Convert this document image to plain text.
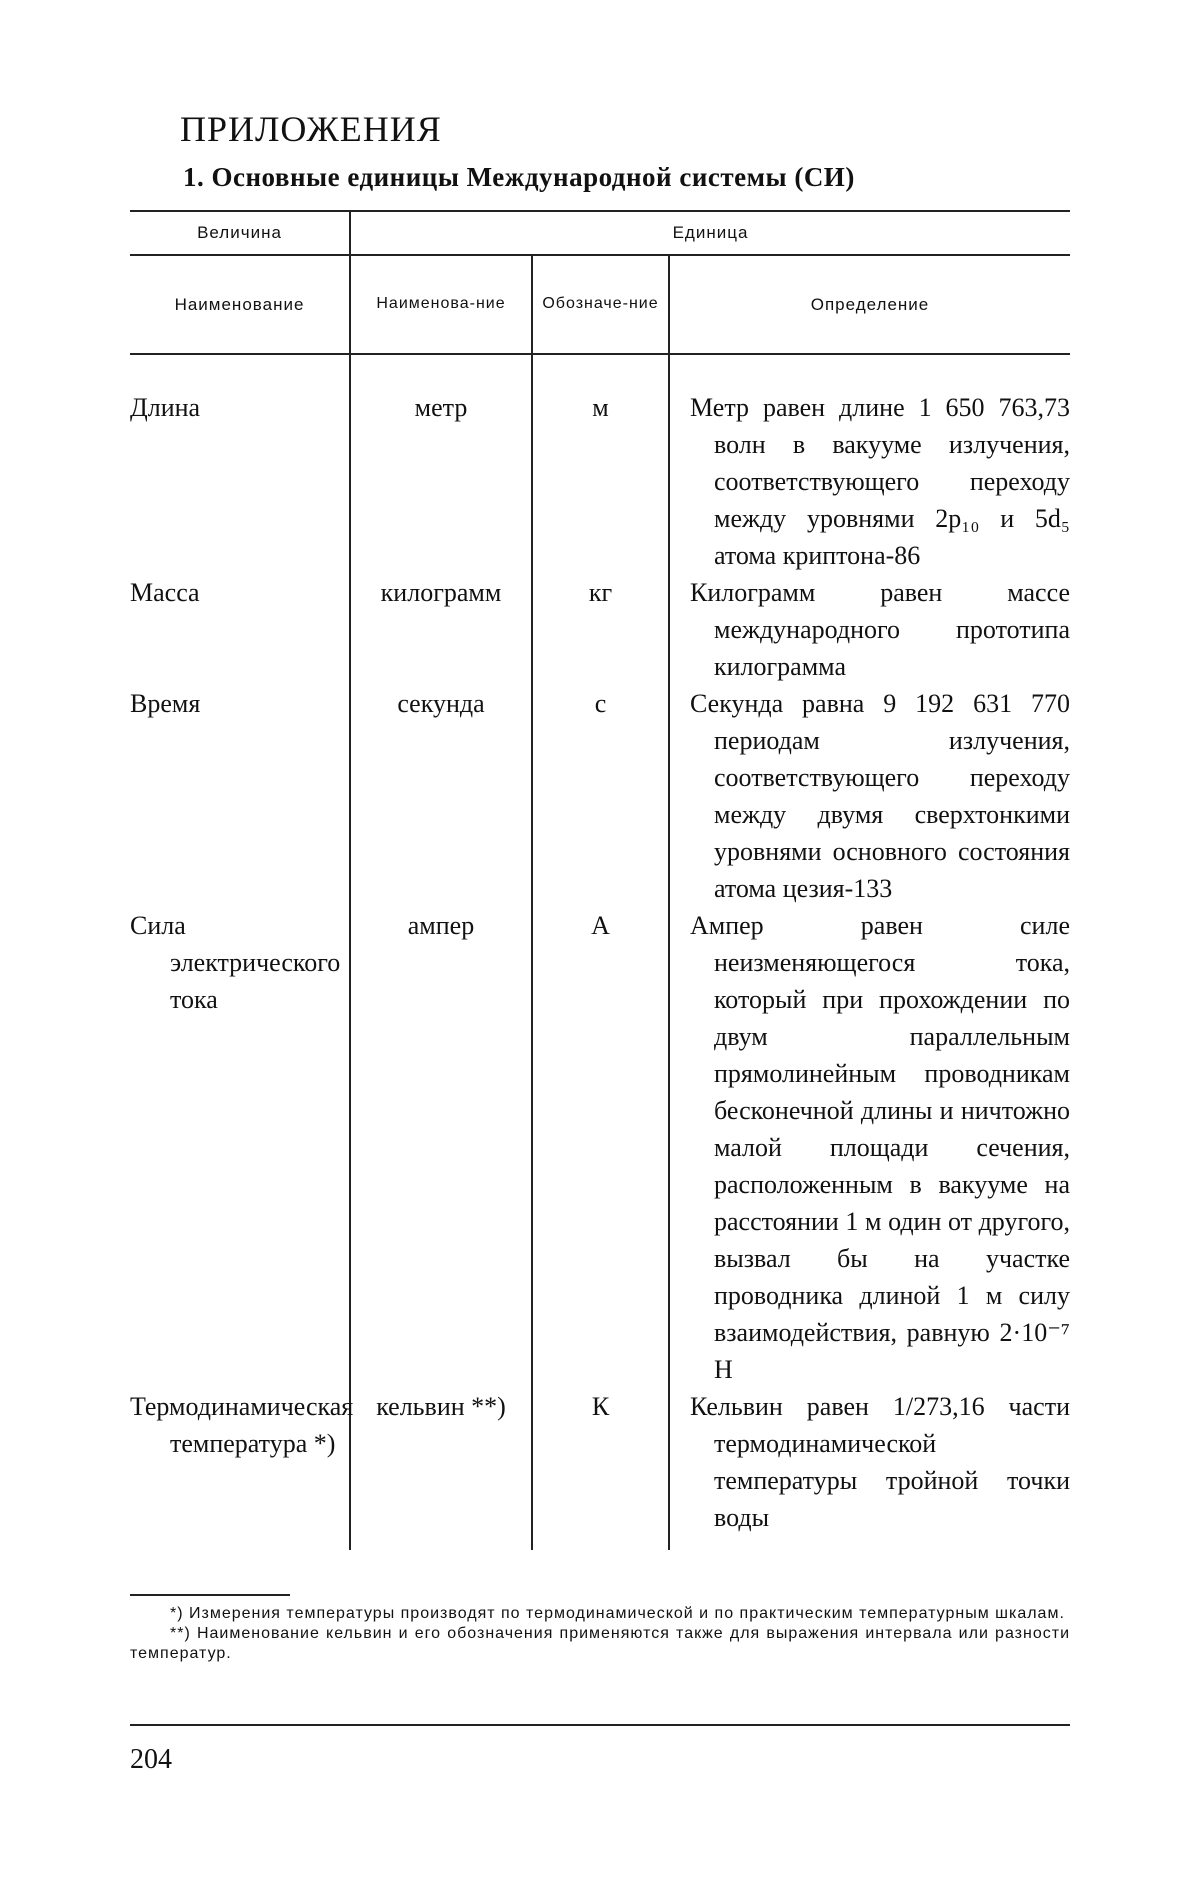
ПРИЛОЖЕНИЯ
1. Основные единицы Международной системы (СИ)
Величина	Единица		
Наименование	Наименова-ние	Обозначе-ние	Определение

Длина	метр	м	Метр равен длине 1 650 763,73 волн в вакууме излучения, соответствующего переходу между уровнями 2p₁₀ и 5d₅ атома криптона-86

Масса	килограмм	кг	Килограмм равен массе международного прототипа килограмма

Время	секунда	с	Секунда равна 9 192 631 770 периодам излучения, соответствующего переходу между двумя сверхтонкими уровнями основного состояния атома цезия-133

Сила электрического тока	ампер	А	Ампер равен силе неизменяющегося тока, который при прохождении по двум параллельным прямолинейным проводникам бесконечной длины и ничтожно малой площади сечения, расположенным в вакууме на расстоянии 1 м один от другого, вызвал бы на участке проводника длиной 1 м силу взаимодействия, равную 2·10⁻⁷ Н

Термодинамическая температура *)	кельвин **)	К	Кельвин равен 1/273,16 части термодинамической температуры тройной точки воды

*) Измерения температуры производят по термодинамической и по практическим температурным шкалам.

**) Наименование кельвин и его обозначения применяются также для выражения интервала или разности температур.

204
